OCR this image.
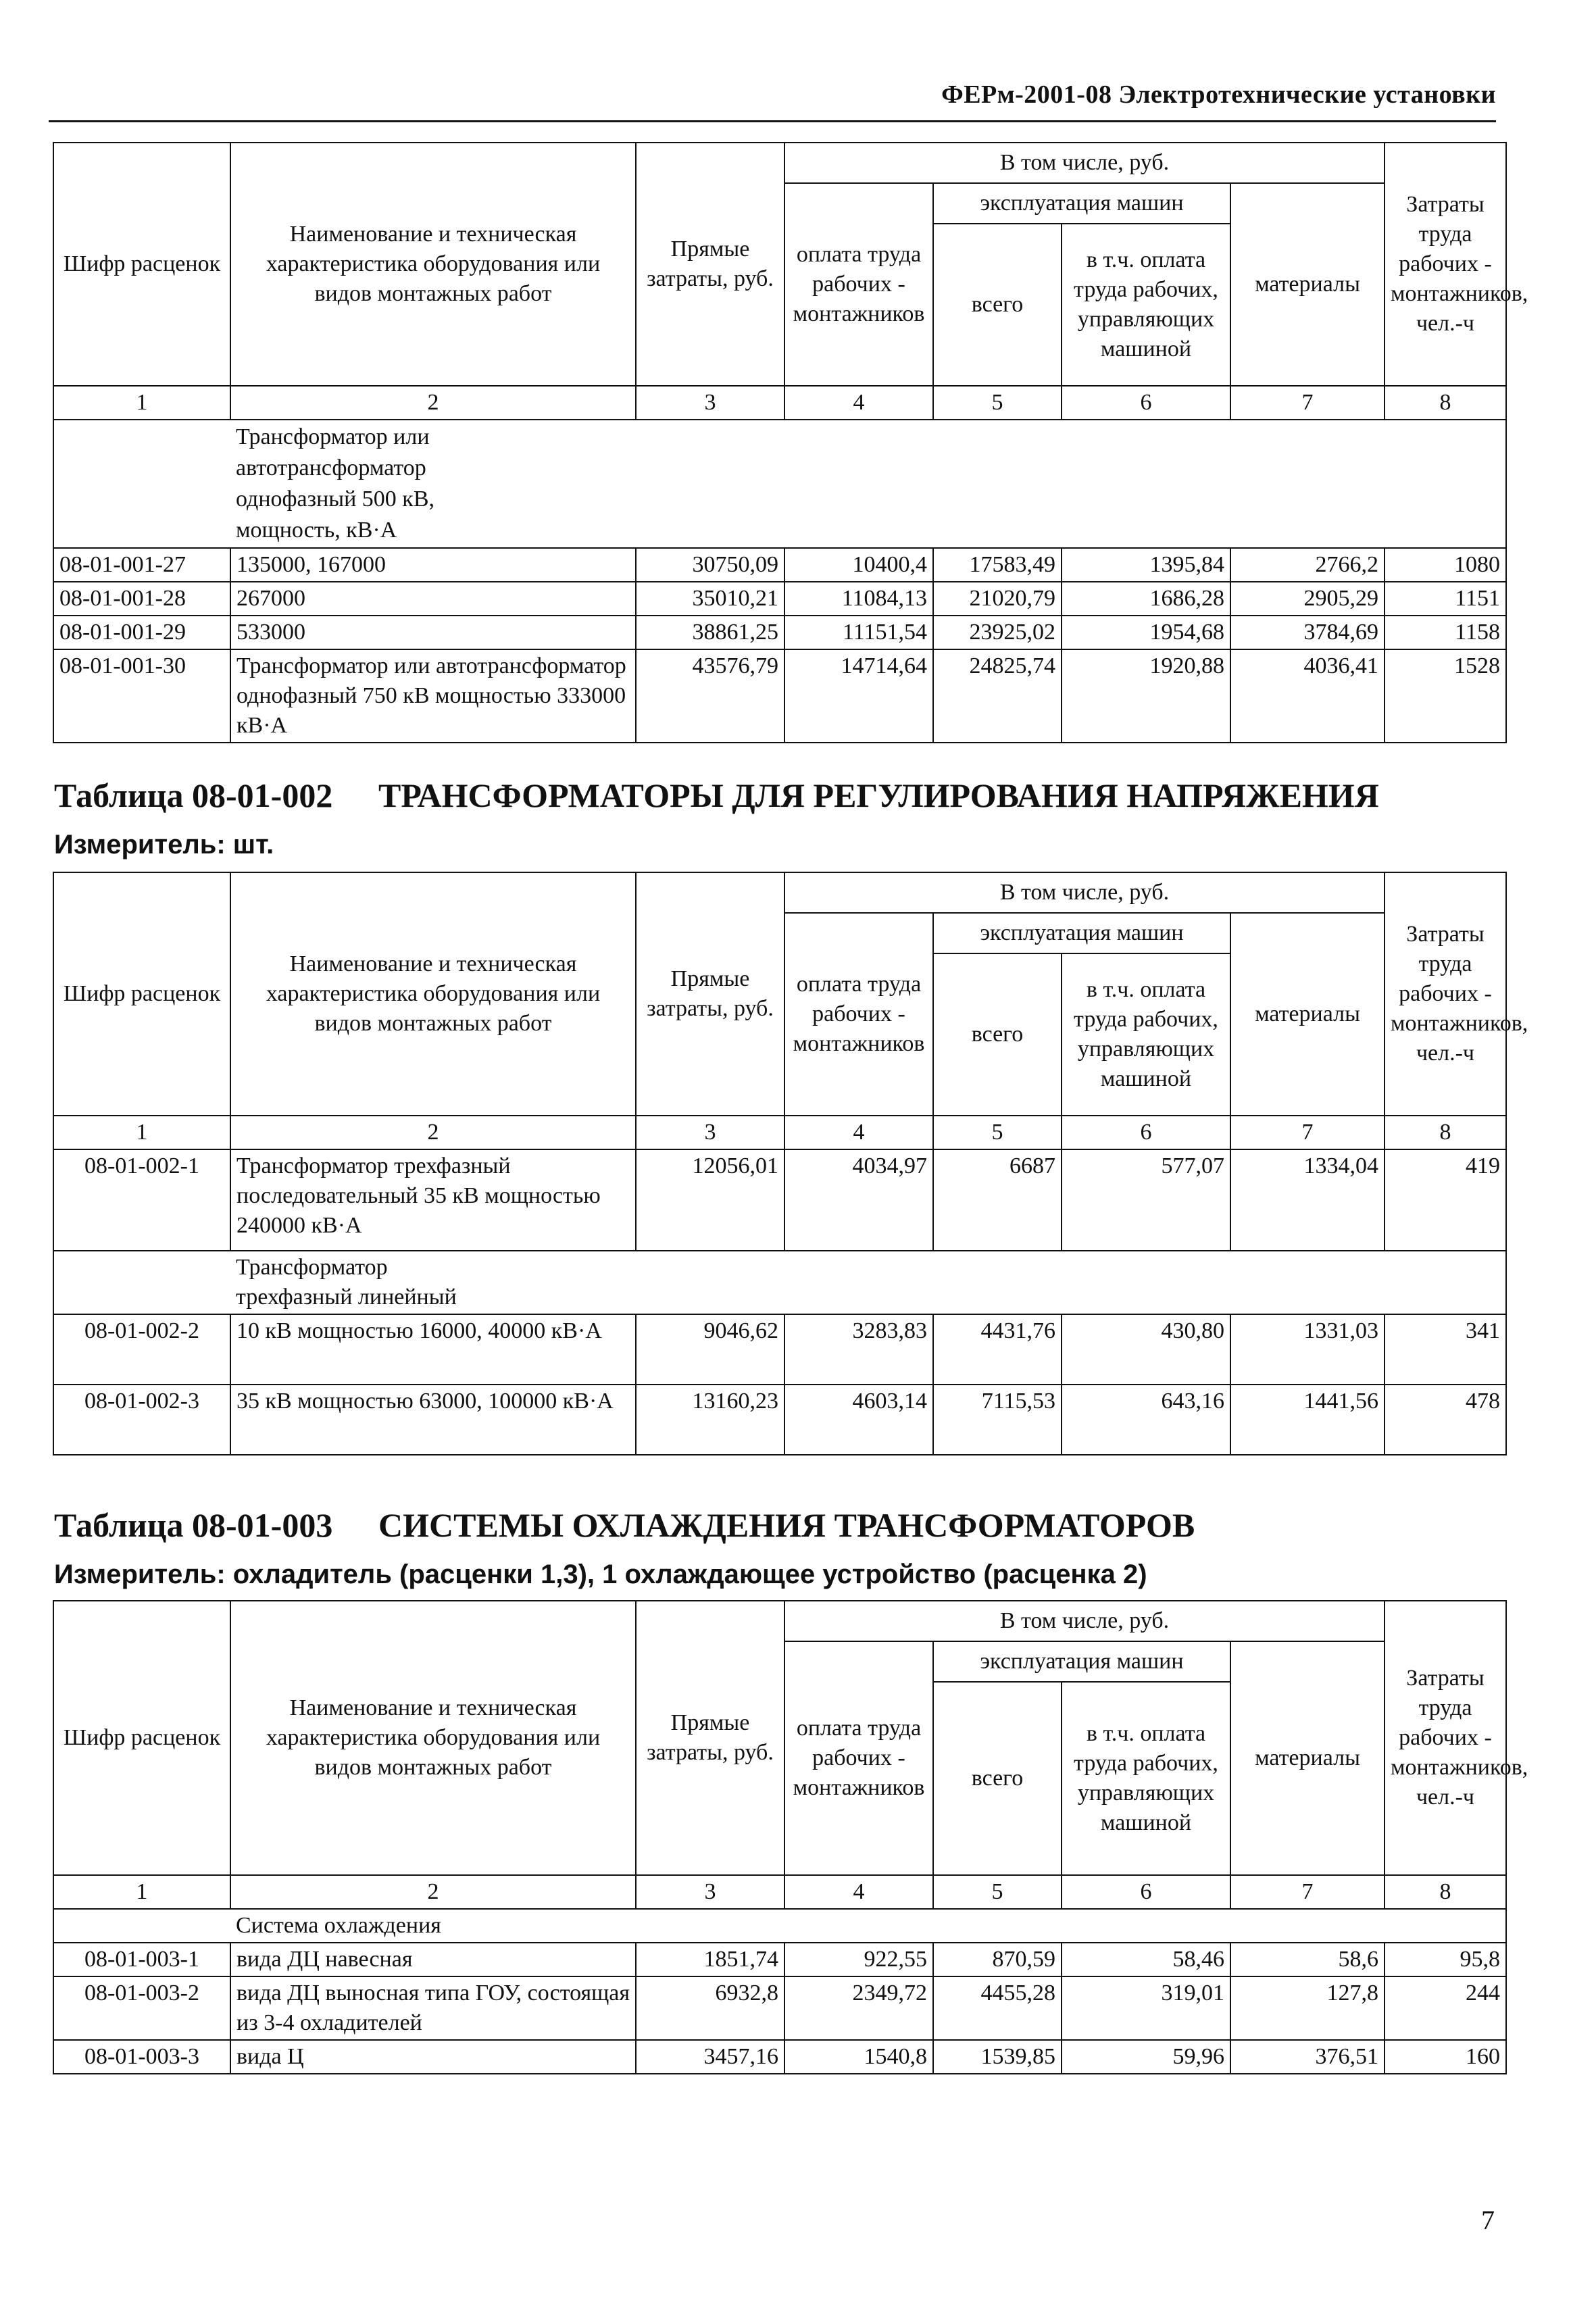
ФЕРм-2001-08 Электротехнические установки
Шифр расценок	Наименование и техническая характеристика оборудования или видов монтажных работ	Прямые затраты, руб.	В том числе, руб.				Затраты труда рабочих - монтажников, чел.-ч
			оплата труда рабочих - монтажников	эксплуатация машин		материалы	
				всего	в т.ч. оплата труда рабочих, управляющих машиной		
1	2	3	4	5	6	7	8
	Трансформатор или автотрансформатор однофазный 500 кВ, мощность, кВ·А						
08-01-001-27	135000, 167000	30750,09	10400,4	17583,49	1395,84	2766,2	1080
08-01-001-28	267000	35010,21	11084,13	21020,79	1686,28	2905,29	1151
08-01-001-29	533000	38861,25	11151,54	23925,02	1954,68	3784,69	1158
08-01-001-30	Трансформатор или автотрансформатор однофазный 750 кВ мощностью 333000 кВ·А	43576,79	14714,64	24825,74	1920,88	4036,41	1528
Таблица 08-01-002 ТРАНСФОРМАТОРЫ ДЛЯ РЕГУЛИРОВАНИЯ НАПРЯЖЕНИЯ
Измеритель: шт.
Шифр расценок	Наименование и техническая характеристика оборудования или видов монтажных работ	Прямые затраты, руб.	В том числе, руб.				Затраты труда рабочих - монтажников, чел.-ч
			оплата труда рабочих - монтажников	эксплуатация машин		материалы	
				всего	в т.ч. оплата труда рабочих, управляющих машиной		
1	2	3	4	5	6	7	8
08-01-002-1	Трансформатор трехфазный последовательный 35 кВ мощностью 240000 кВ·А	12056,01	4034,97	6687	577,07	1334,04	419
	Трансформатор трехфазный линейный						
08-01-002-2	10 кВ мощностью 16000, 40000 кВ·А	9046,62	3283,83	4431,76	430,80	1331,03	341
08-01-002-3	35 кВ мощностью 63000, 100000 кВ·А	13160,23	4603,14	7115,53	643,16	1441,56	478
Таблица 08-01-003 СИСТЕМЫ ОХЛАЖДЕНИЯ ТРАНСФОРМАТОРОВ
Измеритель: охладитель (расценки 1,3), 1 охлаждающее устройство (расценка 2)
Шифр расценок	Наименование и техническая характеристика оборудования или видов монтажных работ	Прямые затраты, руб.	В том числе, руб.				Затраты труда рабочих - монтажников, чел.-ч
			оплата труда рабочих - монтажников	эксплуатация машин		материалы	
				всего	в т.ч. оплата труда рабочих, управляющих машиной		
1	2	3	4	5	6	7	8
	Система охлаждения						
08-01-003-1	вида ДЦ навесная	1851,74	922,55	870,59	58,46	58,6	95,8
08-01-003-2	вида ДЦ выносная типа ГОУ, состоящая из 3-4 охладителей	6932,8	2349,72	4455,28	319,01	127,8	244
08-01-003-3	вида Ц	3457,16	1540,8	1539,85	59,96	376,51	160
7
